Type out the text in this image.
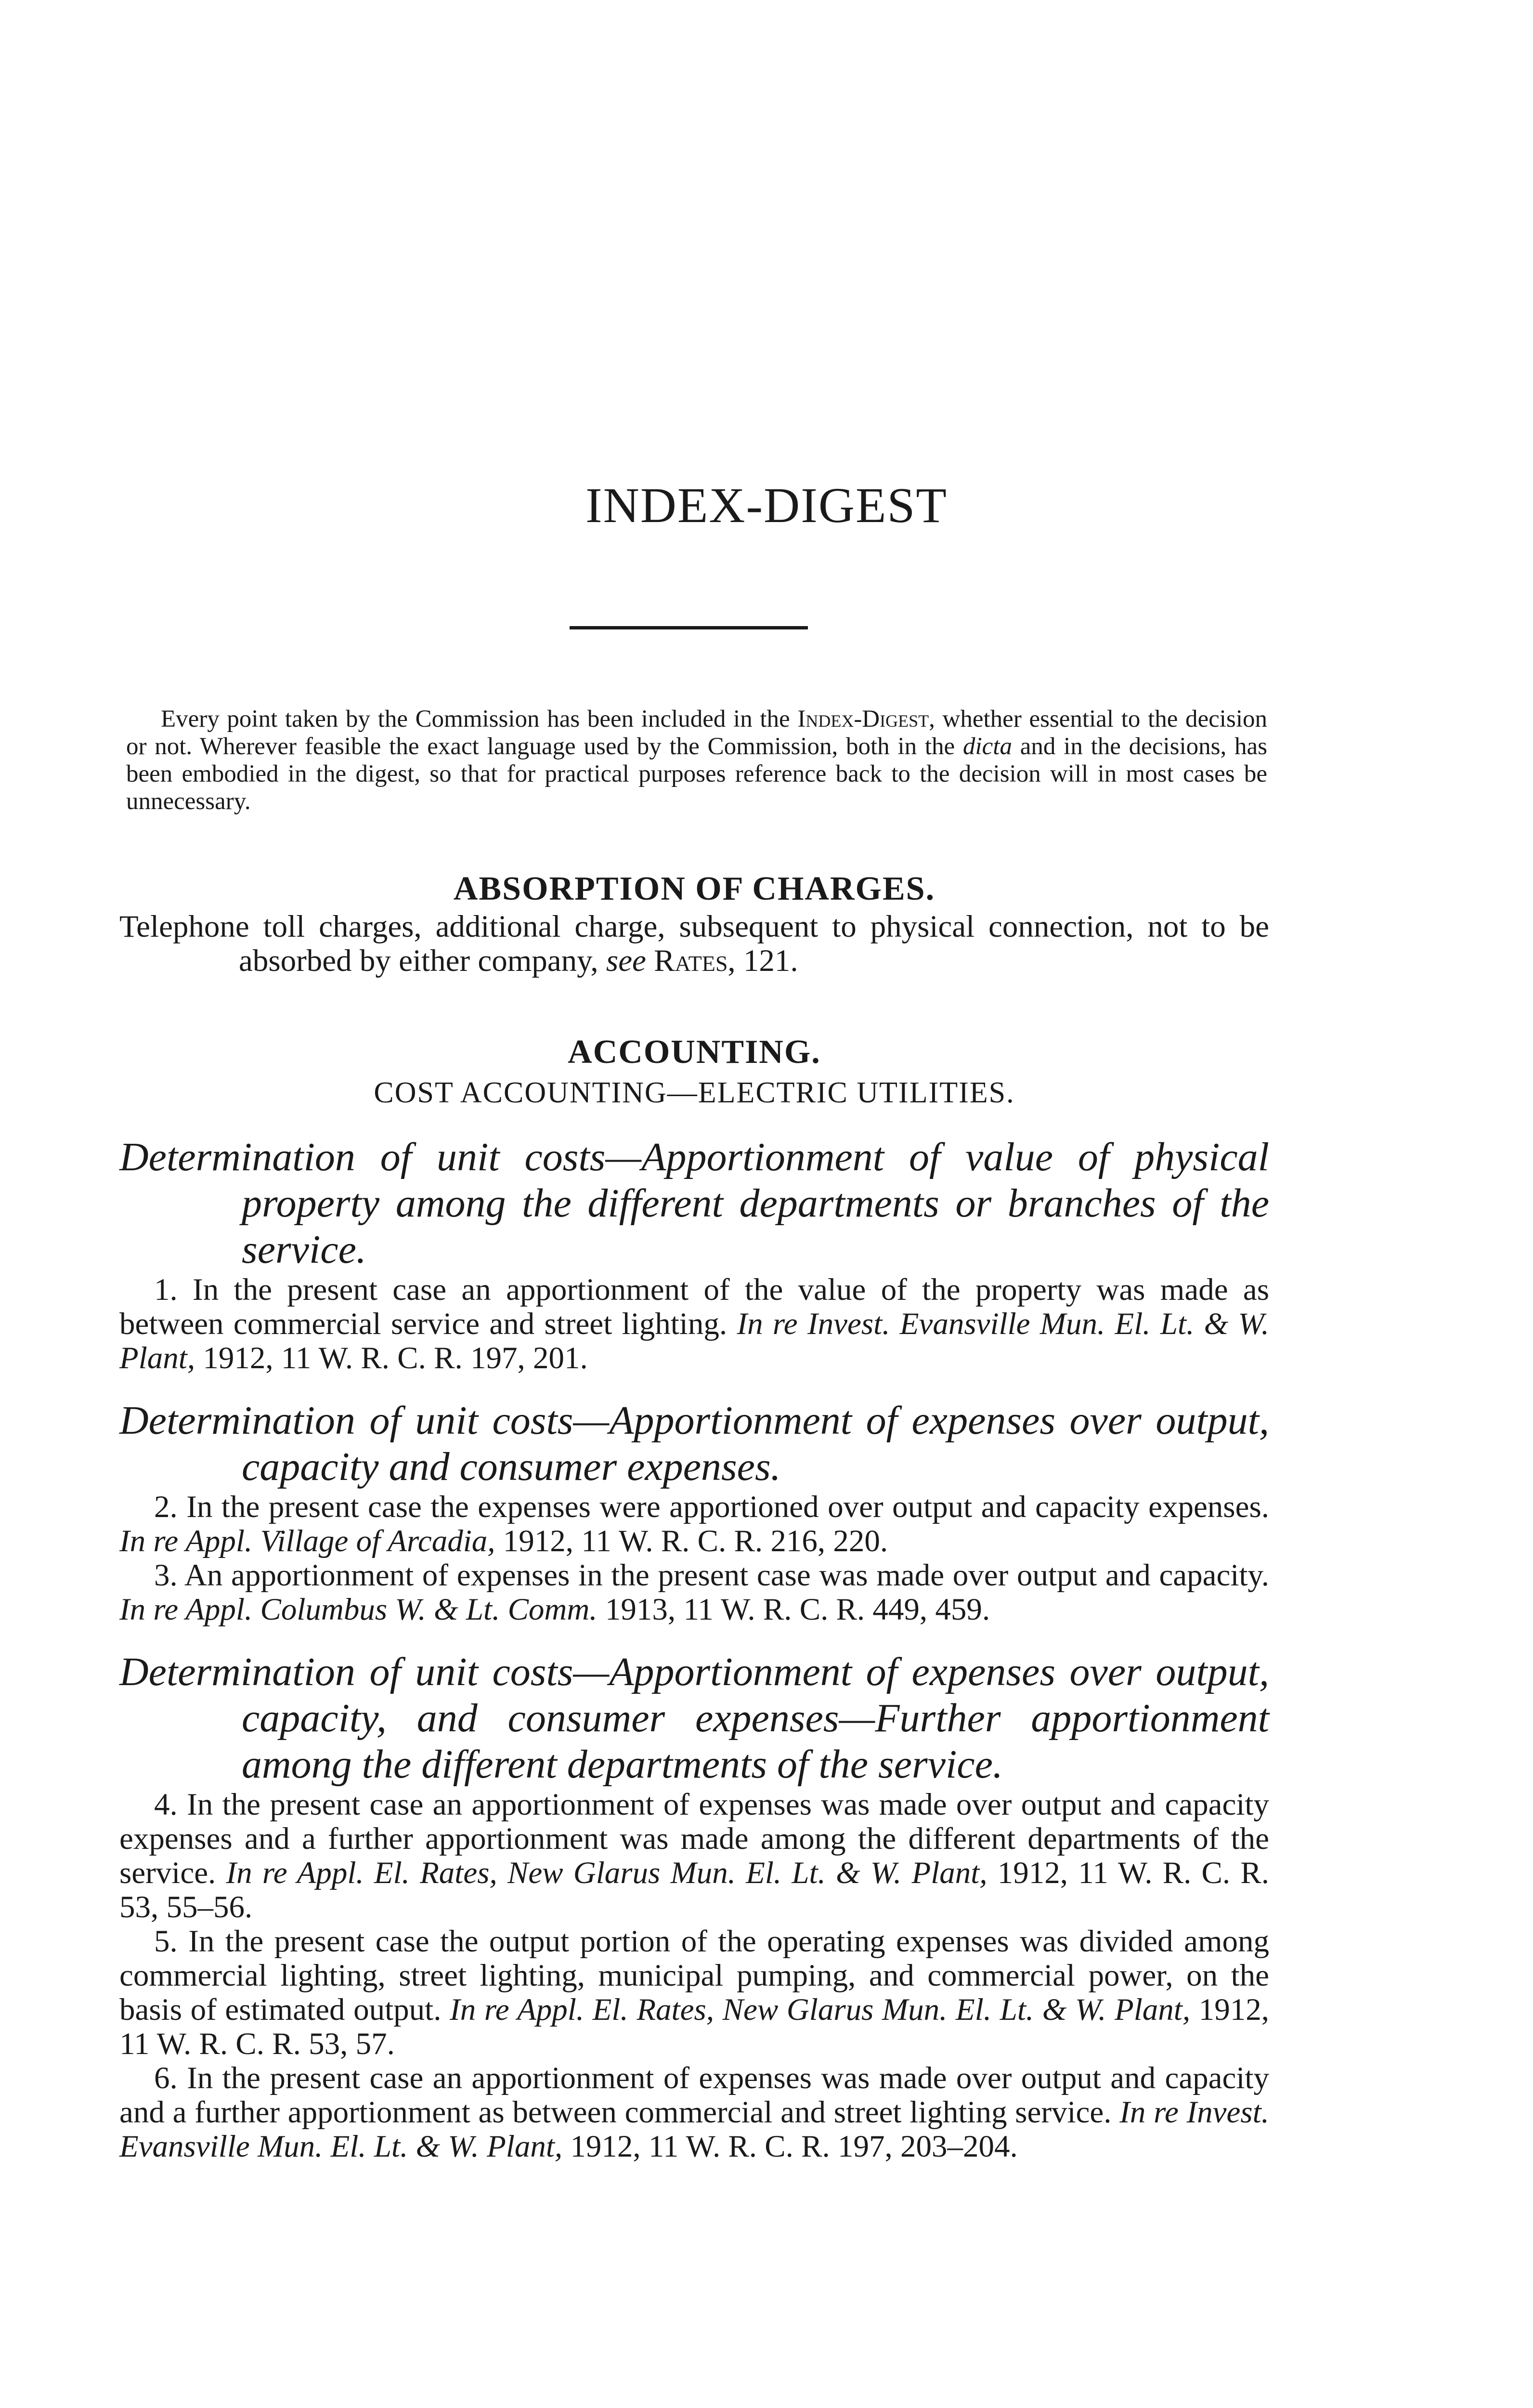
INDEX-DIGEST

Every point taken by the Commission has been included in the Index-Digest, whether essential to the decision or not. Wherever feasible the exact language used by the Commission, both in the dicta and in the decisions, has been embodied in the digest, so that for practical purposes reference back to the decision will in most cases be unnecessary.

ABSORPTION OF CHARGES.

Telephone toll charges, additional charge, subsequent to physical connection, not to be absorbed by either company, see Rates, 121.

ACCOUNTING.
COST ACCOUNTING—ELECTRIC UTILITIES.

Determination of unit costs—Apportionment of value of physical property among the different departments or branches of the service.

1. In the present case an apportionment of the value of the property was made as between commercial service and street lighting. In re Invest. Evansville Mun. El. Lt. & W. Plant, 1912, 11 W. R. C. R. 197, 201.

Determination of unit costs—Apportionment of expenses over output, capacity and consumer expenses.

2. In the present case the expenses were apportioned over output and capacity expenses. In re Appl. Village of Arcadia, 1912, 11 W. R. C. R. 216, 220.

3. An apportionment of expenses in the present case was made over output and capacity. In re Appl. Columbus W. & Lt. Comm. 1913, 11 W. R. C. R. 449, 459.

Determination of unit costs—Apportionment of expenses over output, capacity, and consumer expenses—Further apportionment among the different departments of the service.

4. In the present case an apportionment of expenses was made over output and capacity expenses and a further apportionment was made among the different departments of the service. In re Appl. El. Rates, New Glarus Mun. El. Lt. & W. Plant, 1912, 11 W. R. C. R. 53, 55–56.

5. In the present case the output portion of the operating expenses was divided among commercial lighting, street lighting, municipal pumping, and commercial power, on the basis of estimated output. In re Appl. El. Rates, New Glarus Mun. El. Lt. & W. Plant, 1912, 11 W. R. C. R. 53, 57.

6. In the present case an apportionment of expenses was made over output and capacity and a further apportionment as between commercial and street lighting service. In re Invest. Evansville Mun. El. Lt. & W. Plant, 1912, 11 W. R. C. R. 197, 203–204.
